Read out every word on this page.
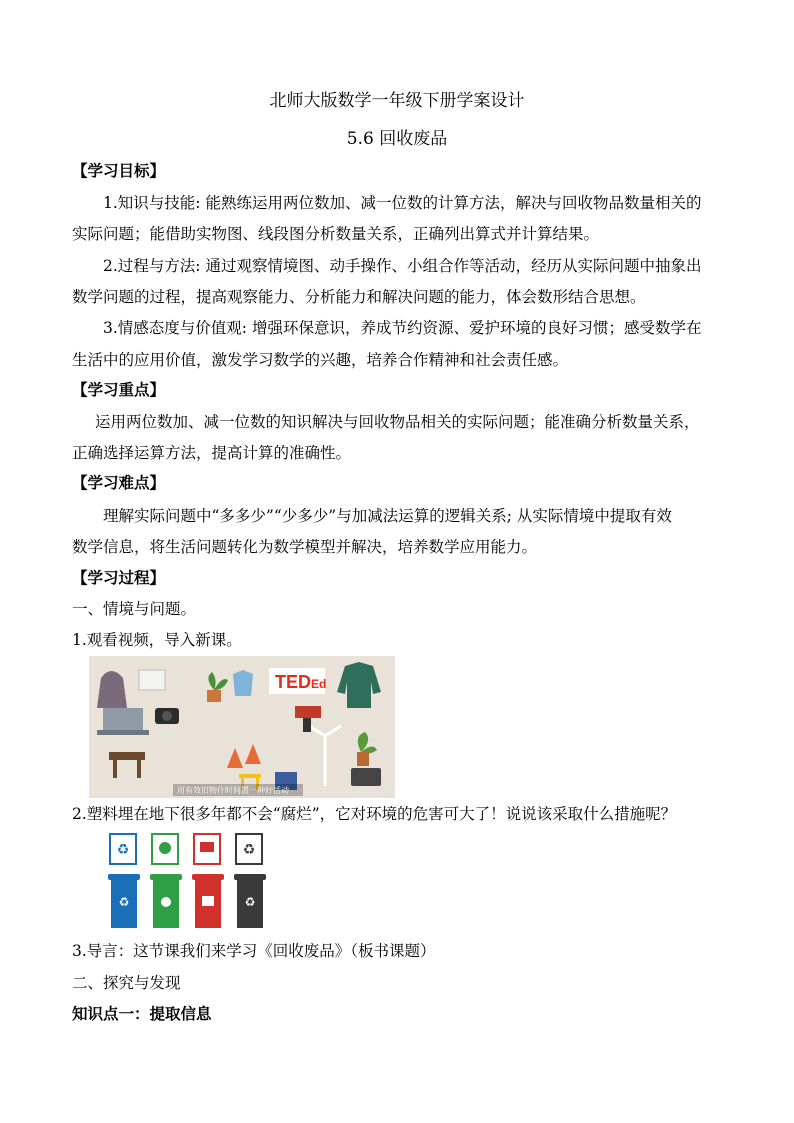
北师大版数学一年级下册学案设计
5.6 回收废品
【学习目标】
1.知识与技能: 能熟练运用两位数加、减一位数的计算方法，解决与回收物品数量相关的
实际问题；能借助实物图、线段图分析数量关系，正确列出算式并计算结果。
2.过程与方法: 通过观察情境图、动手操作、小组合作等活动，经历从实际问题中抽象出
数学问题的过程，提高观察能力、分析能力和解决问题的能力，体会数形结合思想。
3.情感态度与价值观: 增强环保意识，养成节约资源、爱护环境的良好习惯；感受数学在
生活中的应用价值，激发学习数学的兴趣，培养合作精神和社会责任感。
【学习重点】
运用两位数加、减一位数的知识解决与回收物品相关的实际问题；能准确分析数量关系，
正确选择运算方法，提高计算的准确性。
【学习难点】
理解实际问题中“多多少”“少多少”与加减法运算的逻辑关系; 从实际情境中提取有效
数学信息，将生活问题转化为数学模型并解决，培养数学应用能力。
【学习过程】
一、情境与问题。
1.观看视频，导入新课。
TED Ed
用有效旧物什时间置一种好活动
2.塑料埋在地下很多年都不会“腐烂”，它对环境的危害可大了！说说该采取什么措施呢？
♻	♻
♻	♻
3.导言：这节课我们来学习《回收废品》（板书课题）
二、探究与发现
知识点一：提取信息
